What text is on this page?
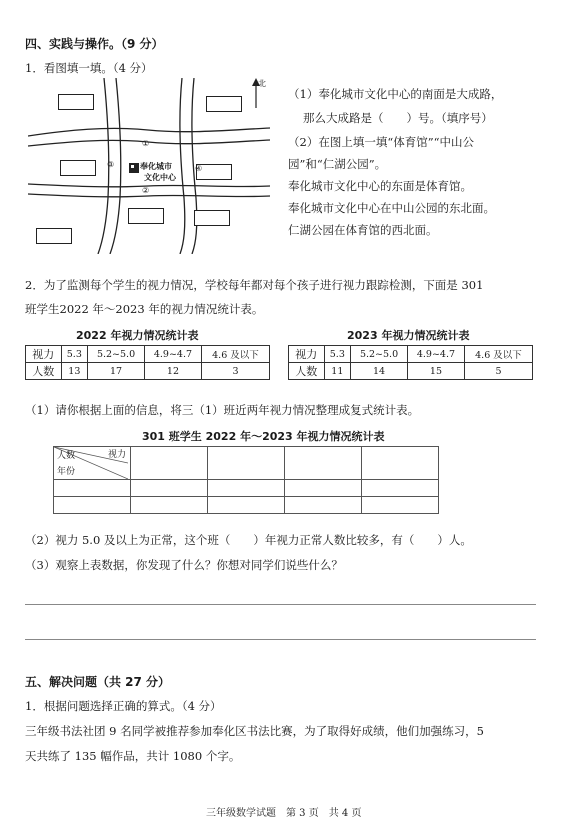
四、实践与操作。（9 分）
1．看图填一填。（4 分）
北
①
②
③	④
奉化城市
文化中心
（1）奉化城市文化中心的南面是大成路，
那么大成路是（　　）号。（填序号）
（2）在图上填一填“体育馆”“中山公
园”和“仁湖公园”。
奉化城市文化中心的东面是体育馆。
奉化城市文化中心在中山公园的东北面。
仁湖公园在体育馆的西北面。
2．为了监测每个学生的视力情况，学校每年都对每个孩子进行视力跟踪检测，下面是 301
班学生2022 年～2023 年的视力情况统计表。
2022 年视力情况统计表	2023 年视力情况统计表
视力	5.3	5.2~5.0	4.9~4.7	4.6 及以下
人数	13	17	12	3
视力	5.3	5.2~5.0	4.9~4.7	4.6 及以下
人数	11	14	15	5
（1）请你根据上面的信息，将三（1）班近两年视力情况整理成复式统计表。
301 班学生 2022 年～2023 年视力情况统计表
视力
人数
年份				

（2）视力 5.0 及以上为正常，这个班（　　）年视力正常人数比较多，有（　　）人。
（3）观察上表数据，你发现了什么？你想对同学们说些什么？
五、解决问题（共 27 分）
1．根据问题选择正确的算式。（4 分）
三年级书法社团 9 名同学被推荐参加奉化区书法比赛，为了取得好成绩，他们加强练习，5
天共练了 135 幅作品，共计 1080 个字。
三年级数学试题　第 3 页　共 4 页
